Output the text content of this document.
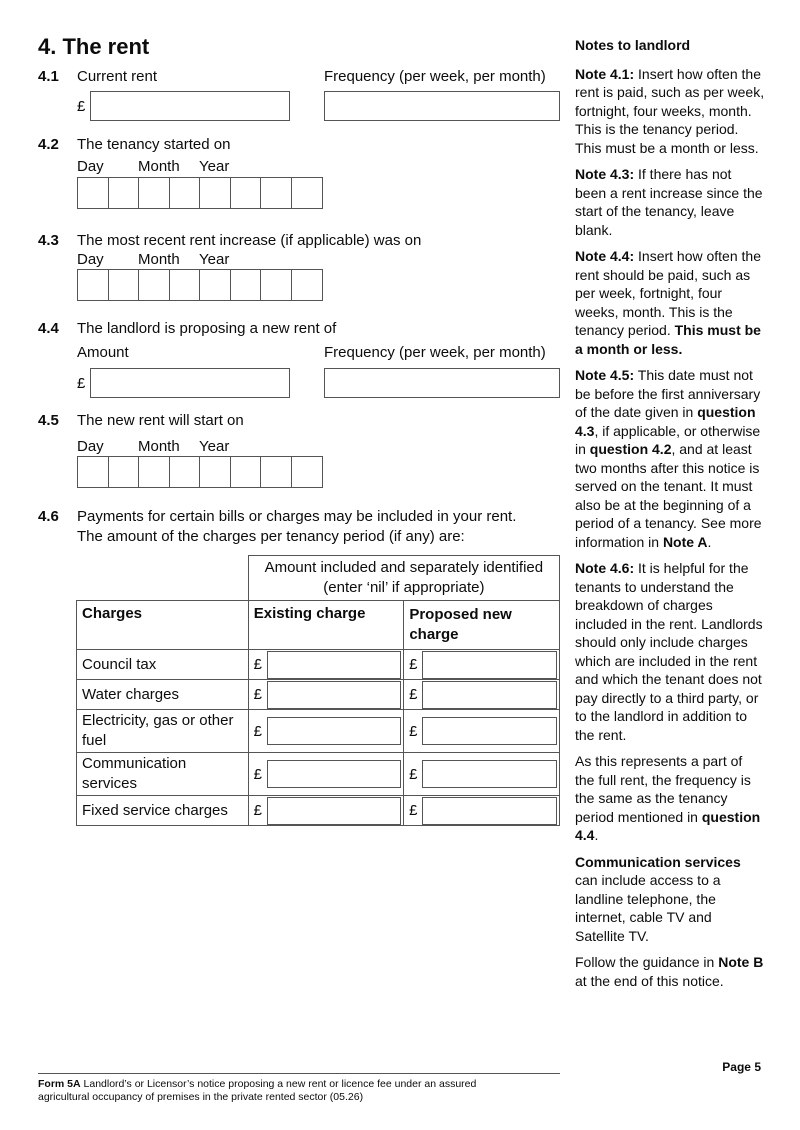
4. The rent
4.1 Current rent	Frequency (per week, per month)
£
4.2 The tenancy started on
Day Month Year
4.3 The most recent rent increase (if applicable) was on
Day Month Year
4.4 The landlord is proposing a new rent of
Amount	Frequency (per week, per month)
£
4.5 The new rent will start on
Day Month Year
4.6 Payments for certain bills or charges may be included in your rent.
The amount of the charges per tenancy period (if any) are:
	Amount included and separately identified (enter ‘nil’ if appropriate)	
Charges	Existing charge	Proposed new charge
Council tax	£	£

Water charges	£	£

Electricity, gas or other fuel	£	£

Communication services	£	£

Fixed service charges	£	£

Notes to landlord

Note 4.1: Insert how often the rent is paid, such as per week, fortnight, four weeks, month. This is the tenancy period. This must be a month or less.

Note 4.3: If there has not been a rent increase since the start of the tenancy, leave blank.

Note 4.4: Insert how often the rent should be paid, such as per week, fortnight, four weeks, month. This is the tenancy period. This must be a month or less.

Note 4.5: This date must not be before the first anniversary of the date given in question 4.3, if applicable, or otherwise in question 4.2, and at least two months after this notice is served on the tenant. It must also be at the beginning of a period of a tenancy. See more information in Note A.

Note 4.6: It is helpful for the tenants to understand the breakdown of charges included in the rent. Landlords should only include charges which are included in the rent and which the tenant does not pay directly to a third party, or to the landlord in addition to the rent.

As this represents a part of the full rent, the frequency is the same as the tenancy period mentioned in question 4.4.

Communication services can include access to a landline telephone, the internet, cable TV and Satellite TV.

Follow the guidance in Note B at the end of this notice.

Page 5
Form 5A Landlord’s or Licensor’s notice proposing a new rent or licence fee under an assured agricultural occupancy of premises in the private rented sector (05.26)
